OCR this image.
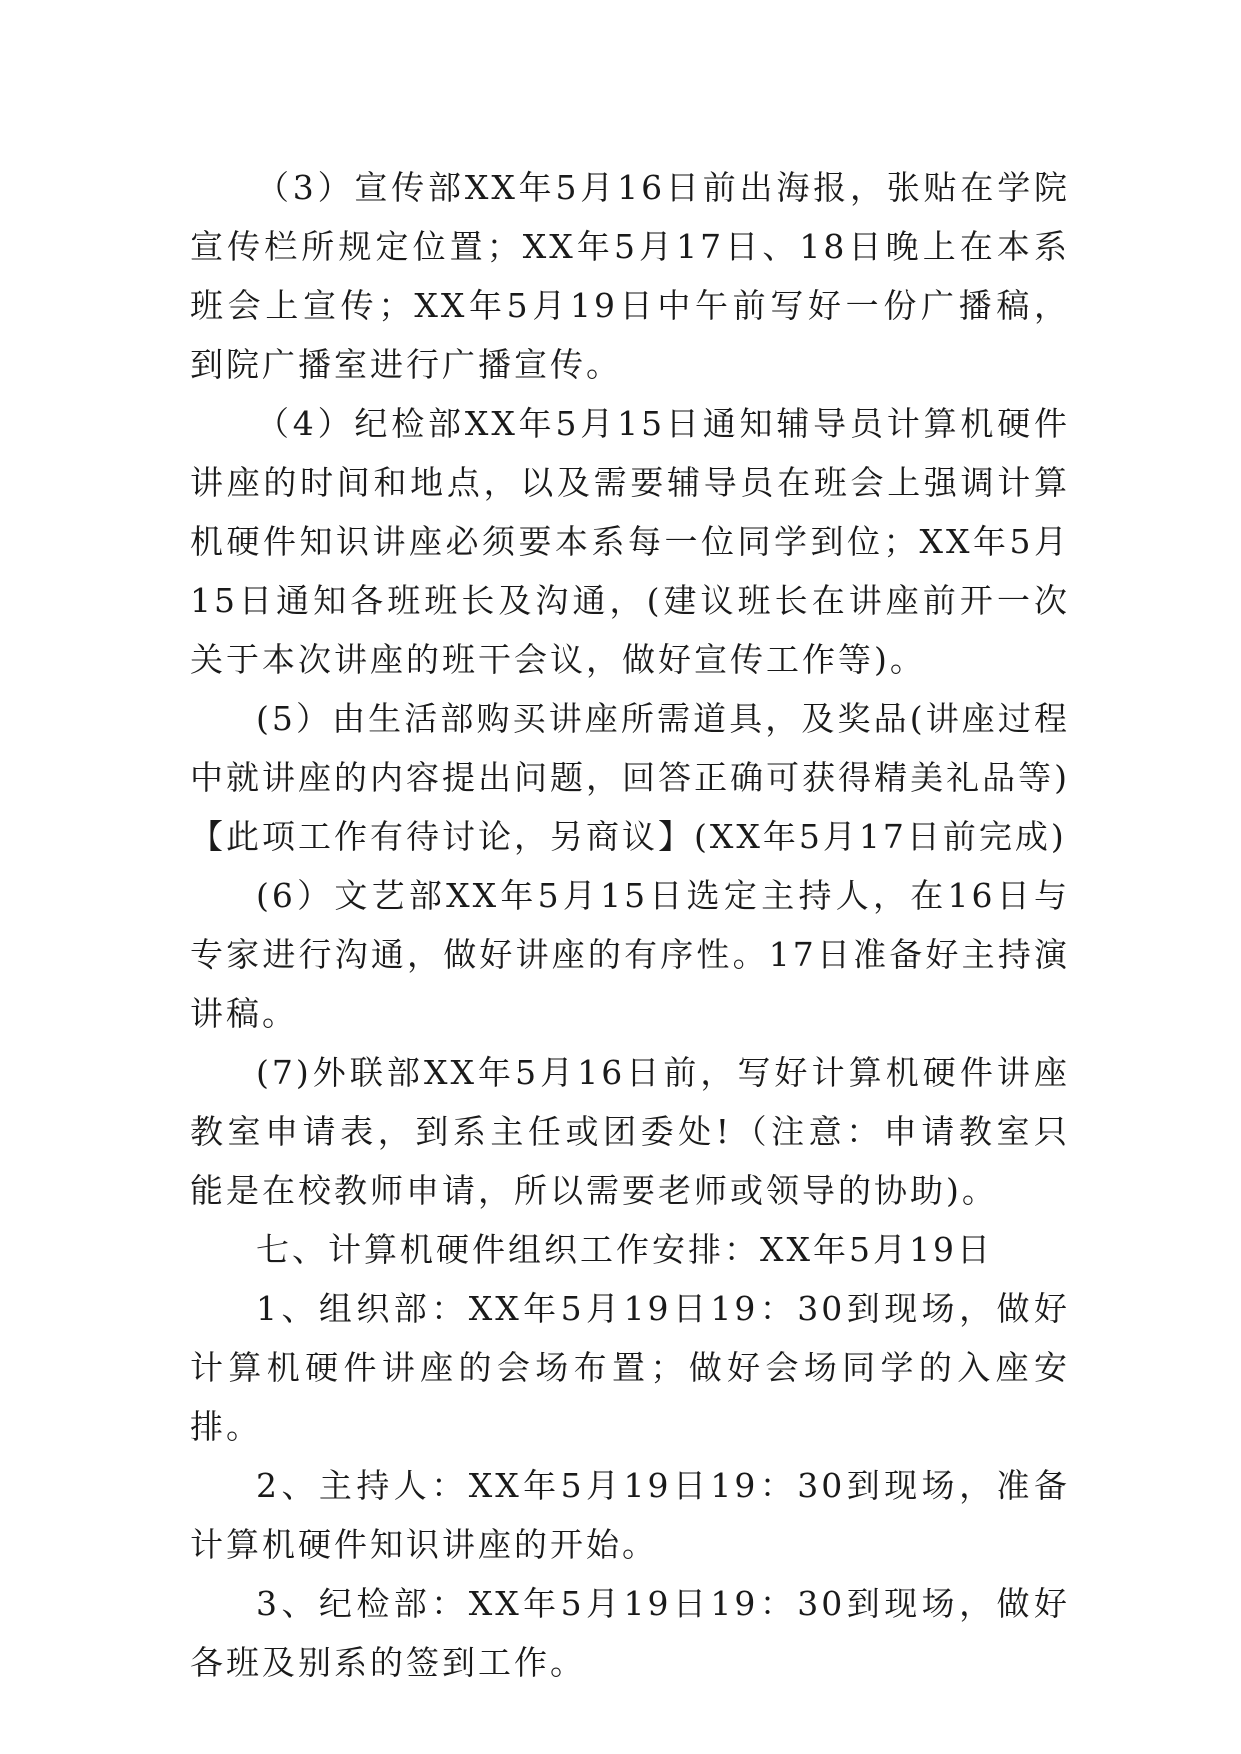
（3）宣传部XX年5月16日前出海报，张贴在学院宣传栏所规定位置；XX年5月17日、18日晚上在本系班会上宣传；XX年5月19日中午前写好一份广播稿，到院广播室进行广播宣传。

（4）纪检部XX年5月15日通知辅导员计算机硬件讲座的时间和地点，以及需要辅导员在班会上强调计算机硬件知识讲座必须要本系每一位同学到位；XX年5月15日通知各班班长及沟通，(建议班长在讲座前开一次关于本次讲座的班干会议，做好宣传工作等)。

(5）由生活部购买讲座所需道具，及奖品(讲座过程中就讲座的内容提出问题，回答正确可获得精美礼品等)【此项工作有待讨论，另商议】(XX年5月17日前完成)

(6）文艺部XX年5月15日选定主持人，在16日与专家进行沟通，做好讲座的有序性。17日准备好主持演讲稿。

(7)外联部XX年5月16日前，写好计算机硬件讲座教室申请表，到系主任或团委处!（注意：申请教室只能是在校教师申请，所以需要老师或领导的协助)。

七、计算机硬件组织工作安排：XX年5月19日

1、组织部：XX年5月19日19：30到现场，做好计算机硬件讲座的会场布置；做好会场同学的入座安排。

2、主持人：XX年5月19日19：30到现场，准备计算机硬件知识讲座的开始。

3、纪检部：XX年5月19日19：30到现场，做好各班及别系的签到工作。
